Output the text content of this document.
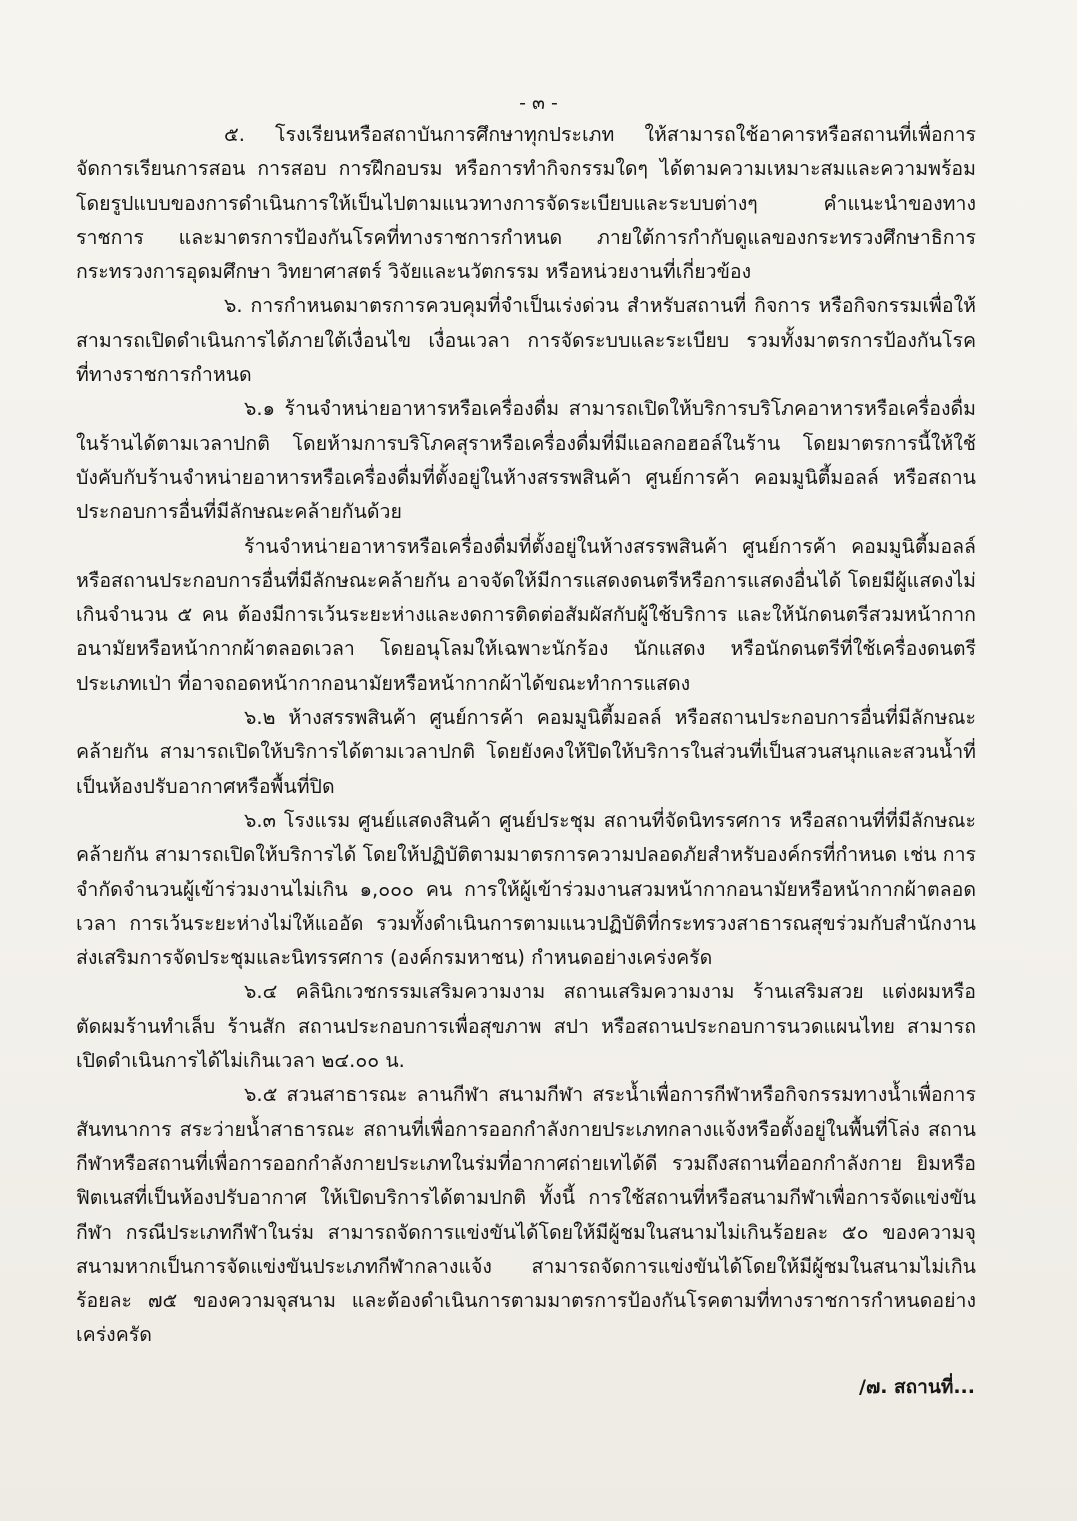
- ๓ -

๕. โรงเรียนหรือสถาบันการศึกษาทุกประเภท ให้สามารถใช้อาคารหรือสถานที่เพื่อการจัดการเรียนการสอน การสอบ การฝึกอบรม หรือการทำกิจกรรมใดๆ ได้ตามความเหมาะสมและความพร้อมโดยรูปแบบของการดำเนินการให้เป็นไปตามแนวทางการจัดระเบียบและระบบต่างๆ คำแนะนำของทางราชการ และมาตรการป้องกันโรคที่ทางราชการกำหนด ภายใต้การกำกับดูแลของกระทรวงศึกษาธิการกระทรวงการอุดมศึกษา วิทยาศาสตร์ วิจัยและนวัตกรรม หรือหน่วยงานที่เกี่ยวข้อง

๖. การกำหนดมาตรการควบคุมที่จำเป็นเร่งด่วน สำหรับสถานที่ กิจการ หรือกิจกรรมเพื่อให้สามารถเปิดดำเนินการได้ภายใต้เงื่อนไข เงื่อนเวลา การจัดระบบและระเบียบ รวมทั้งมาตรการป้องกันโรคที่ทางราชการกำหนด

๖.๑ ร้านจำหน่ายอาหารหรือเครื่องดื่ม สามารถเปิดให้บริการบริโภคอาหารหรือเครื่องดื่มในร้านได้ตามเวลาปกติ โดยห้ามการบริโภคสุราหรือเครื่องดื่มที่มีแอลกอฮอล์ในร้าน โดยมาตรการนี้ให้ใช้บังคับกับร้านจำหน่ายอาหารหรือเครื่องดื่มที่ตั้งอยู่ในห้างสรรพสินค้า ศูนย์การค้า คอมมูนิตี้มอลล์ หรือสถานประกอบการอื่นที่มีลักษณะคล้ายกันด้วย

ร้านจำหน่ายอาหารหรือเครื่องดื่มที่ตั้งอยู่ในห้างสรรพสินค้า ศูนย์การค้า คอมมูนิตี้มอลล์หรือสถานประกอบการอื่นที่มีลักษณะคล้ายกัน อาจจัดให้มีการแสดงดนตรีหรือการแสดงอื่นได้ โดยมีผู้แสดงไม่เกินจำนวน ๕ คน ต้องมีการเว้นระยะห่างและงดการติดต่อสัมผัสกับผู้ใช้บริการ และให้นักดนตรีสวมหน้ากากอนามัยหรือหน้ากากผ้าตลอดเวลา โดยอนุโลมให้เฉพาะนักร้อง นักแสดง หรือนักดนตรีที่ใช้เครื่องดนตรีประเภทเป่า ที่อาจถอดหน้ากากอนามัยหรือหน้ากากผ้าได้ขณะทำการแสดง

๖.๒ ห้างสรรพสินค้า ศูนย์การค้า คอมมูนิตี้มอลล์ หรือสถานประกอบการอื่นที่มีลักษณะคล้ายกัน สามารถเปิดให้บริการได้ตามเวลาปกติ โดยยังคงให้ปิดให้บริการในส่วนที่เป็นสวนสนุกและสวนน้ำที่เป็นห้องปรับอากาศหรือพื้นที่ปิด

๖.๓ โรงแรม ศูนย์แสดงสินค้า ศูนย์ประชุม สถานที่จัดนิทรรศการ หรือสถานที่ที่มีลักษณะคล้ายกัน สามารถเปิดให้บริการได้ โดยให้ปฏิบัติตามมาตรการความปลอดภัยสำหรับองค์กรที่กำหนด เช่น การจำกัดจำนวนผู้เข้าร่วมงานไม่เกิน ๑,๐๐๐ คน การให้ผู้เข้าร่วมงานสวมหน้ากากอนามัยหรือหน้ากากผ้าตลอดเวลา การเว้นระยะห่างไม่ให้แออัด รวมทั้งดำเนินการตามแนวปฏิบัติที่กระทรวงสาธารณสุขร่วมกับสำนักงานส่งเสริมการจัดประชุมและนิทรรศการ (องค์กรมหาชน) กำหนดอย่างเคร่งครัด

๖.๔ คลินิกเวชกรรมเสริมความงาม สถานเสริมความงาม ร้านเสริมสวย แต่งผมหรือตัดผมร้านทำเล็บ ร้านสัก สถานประกอบการเพื่อสุขภาพ สปา หรือสถานประกอบการนวดแผนไทย สามารถเปิดดำเนินการได้ไม่เกินเวลา ๒๔.๐๐ น.

๖.๕ สวนสาธารณะ ลานกีฬา สนามกีฬา สระน้ำเพื่อการกีฬาหรือกิจกรรมทางน้ำเพื่อการสันทนาการ สระว่ายน้ำสาธารณะ สถานที่เพื่อการออกกำลังกายประเภทกลางแจ้งหรือตั้งอยู่ในพื้นที่โล่ง สถานกีฬาหรือสถานที่เพื่อการออกกำลังกายประเภทในร่มที่อากาศถ่ายเทได้ดี รวมถึงสถานที่ออกกำลังกาย ยิมหรือฟิตเนสที่เป็นห้องปรับอากาศ ให้เปิดบริการได้ตามปกติ ทั้งนี้ การใช้สถานที่หรือสนามกีฬาเพื่อการจัดแข่งขันกีฬา กรณีประเภทกีฬาในร่ม สามารถจัดการแข่งขันได้โดยให้มีผู้ชมในสนามไม่เกินร้อยละ ๕๐ ของความจุสนามหากเป็นการจัดแข่งขันประเภทกีฬากลางแจ้ง สามารถจัดการแข่งขันได้โดยให้มีผู้ชมในสนามไม่เกินร้อยละ ๗๕ ของความจุสนาม และต้องดำเนินการตามมาตรการป้องกันโรคตามที่ทางราชการกำหนดอย่างเคร่งครัด

/๗. สถานที่...
